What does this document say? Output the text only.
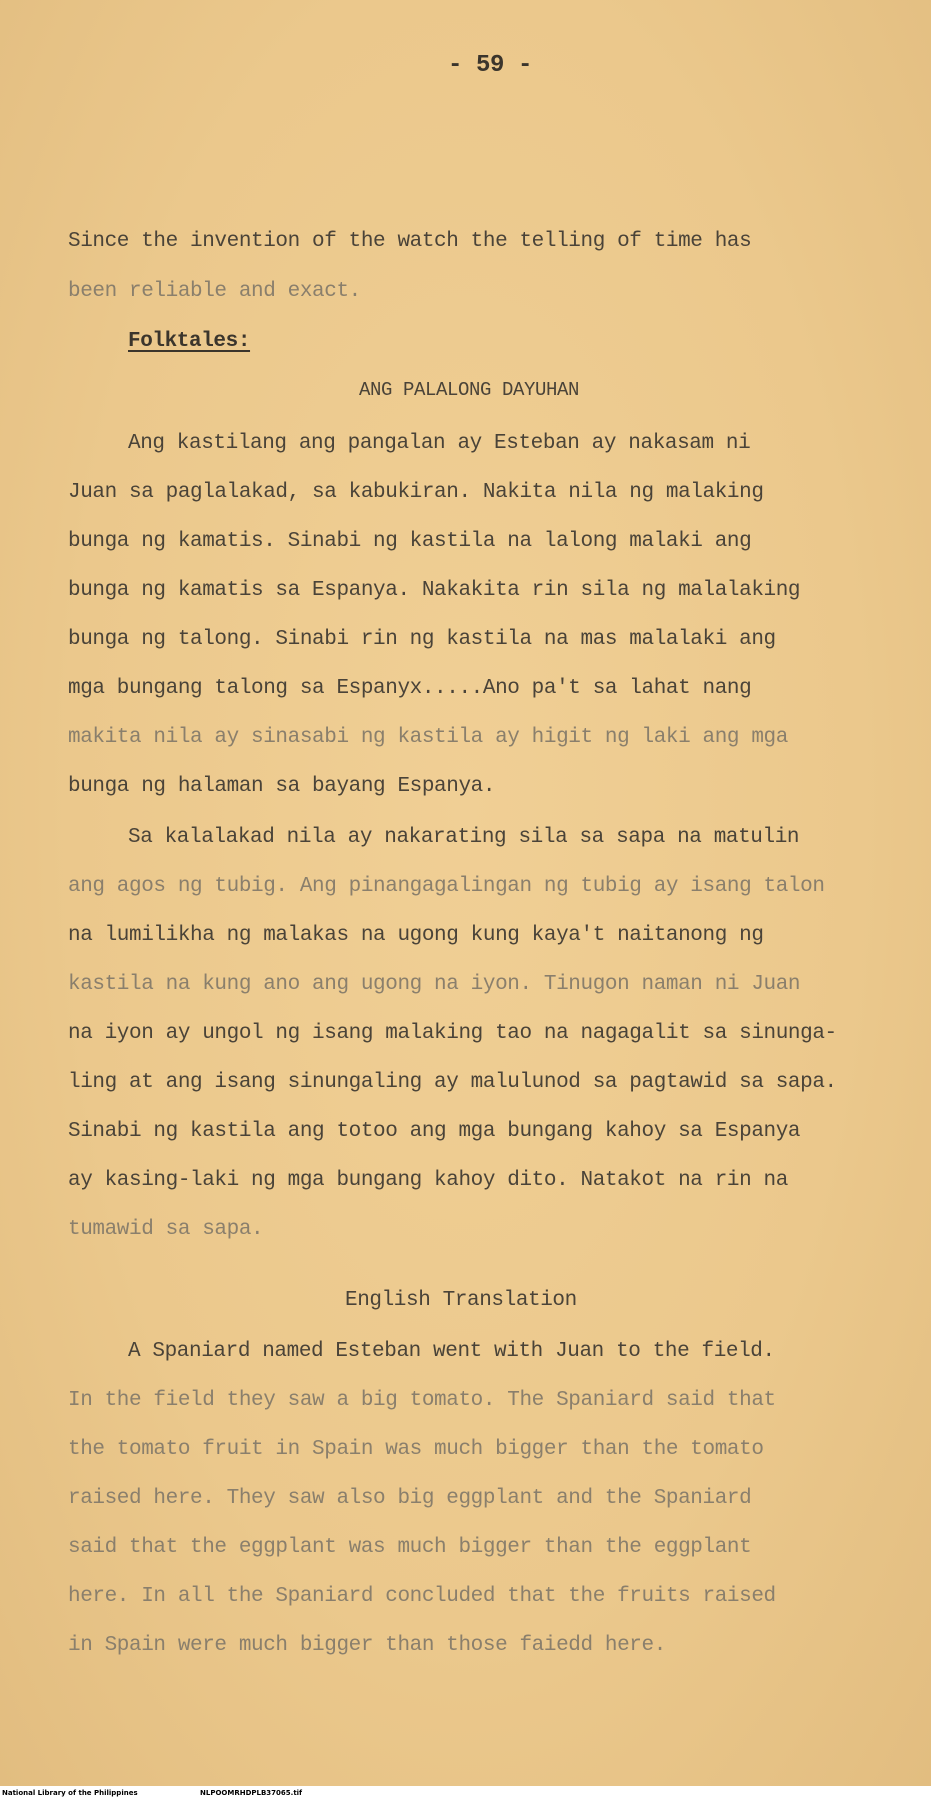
- 59 -
Since the invention of the watch the telling of time has
been reliable and exact.
Folktales:
ANG PALALONG DAYUHAN
Ang kastilang ang pangalan ay Esteban ay nakasam ni
Juan sa paglalakad, sa kabukiran. Nakita nila ng malaking
bunga ng kamatis. Sinabi ng kastila na lalong malaki ang
bunga ng kamatis sa Espanya. Nakakita rin sila ng malalaking
bunga ng talong. Sinabi rin ng kastila na mas malalaki ang
mga bungang talong sa Espanyx.....Ano pa't sa lahat nang
makita nila ay sinasabi ng kastila ay higit ng laki ang mga
bunga ng halaman sa bayang Espanya.
Sa kalalakad nila ay nakarating sila sa sapa na matulin
ang agos ng tubig. Ang pinangagalingan ng tubig ay isang talon
na lumilikha ng malakas na ugong kung kaya't naitanong ng
kastila na kung ano ang ugong na iyon. Tinugon naman ni Juan
na iyon ay ungol ng isang malaking tao na nagagalit sa sinunga-
ling at ang isang sinungaling ay malulunod sa pagtawid sa sapa.
Sinabi ng kastila ang totoo ang mga bungang kahoy sa Espanya
ay kasing-laki ng mga bungang kahoy dito. Natakot na rin na
tumawid sa sapa.
English Translation
A Spaniard named Esteban went with Juan to the field.
In the field they saw a big tomato. The Spaniard said that
the tomato fruit in Spain was much bigger than the tomato
raised here. They saw also big eggplant and the Spaniard
said that the eggplant was much bigger than the eggplant
here. In all the Spaniard concluded that the fruits raised
in Spain were much bigger than those faiedd here.
National Library of the Philippines	NLPOOMRHDPLB37065.tif
